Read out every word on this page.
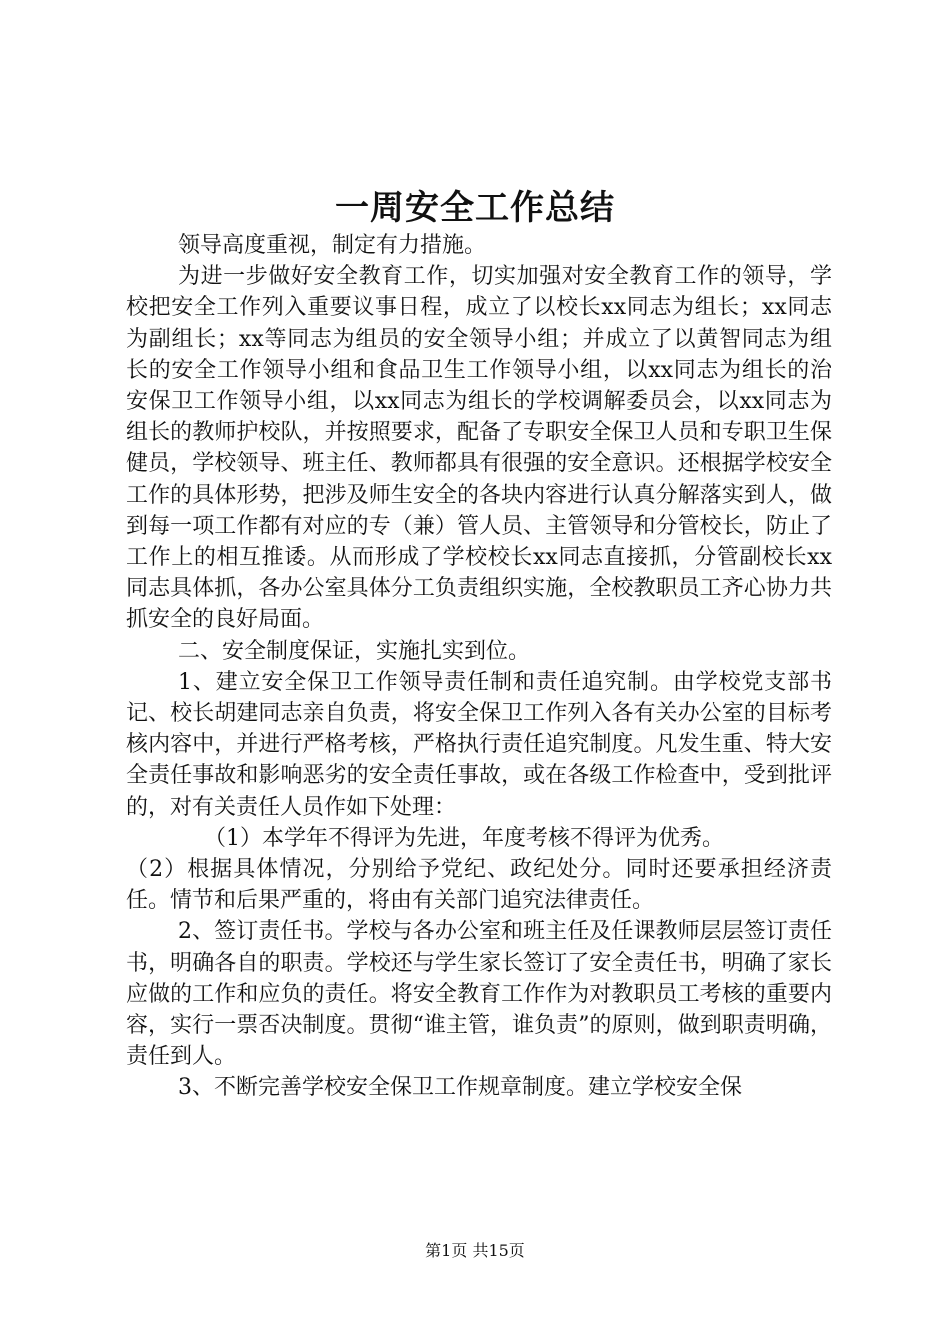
一周安全工作总结

领导高度重视，制定有力措施。

为进一步做好安全教育工作，切实加强对安全教育工作的领导，学校把安全工作列入重要议事日程，成立了以校长xx同志为组长；xx同志为副组长；xx等同志为组员的安全领导小组；并成立了以黄智同志为组长的安全工作领导小组和食品卫生工作领导小组，以xx同志为组长的治安保卫工作领导小组，以xx同志为组长的学校调解委员会，以xx同志为组长的教师护校队，并按照要求，配备了专职安全保卫人员和专职卫生保健员，学校领导、班主任、教师都具有很强的安全意识。还根据学校安全工作的具体形势，把涉及师生安全的各块内容进行认真分解落实到人，做到每一项工作都有对应的专（兼）管人员、主管领导和分管校长，防止了工作上的相互推诿。从而形成了学校校长xx同志直接抓，分管副校长xx同志具体抓，各办公室具体分工负责组织实施，全校教职员工齐心协力共抓安全的良好局面。

二、安全制度保证，实施扎实到位。

1、建立安全保卫工作领导责任制和责任追究制。由学校党支部书记、校长胡建同志亲自负责，将安全保卫工作列入各有关办公室的目标考核内容中，并进行严格考核，严格执行责任追究制度。凡发生重、特大安全责任事故和影响恶劣的安全责任事故，或在各级工作检查中，受到批评的，对有关责任人员作如下处理：

（1）本学年不得评为先进，年度考核不得评为优秀。

（2）根据具体情况，分别给予党纪、政纪处分。同时还要承担经济责任。情节和后果严重的，将由有关部门追究法律责任。

2、签订责任书。学校与各办公室和班主任及任课教师层层签订责任书，明确各自的职责。学校还与学生家长签订了安全责任书，明确了家长应做的工作和应负的责任。将安全教育工作作为对教职员工考核的重要内容，实行一票否决制度。贯彻“谁主管，谁负责”的原则，做到职责明确，责任到人。

3、不断完善学校安全保卫工作规章制度。建立学校安全保

第1页 共15页
